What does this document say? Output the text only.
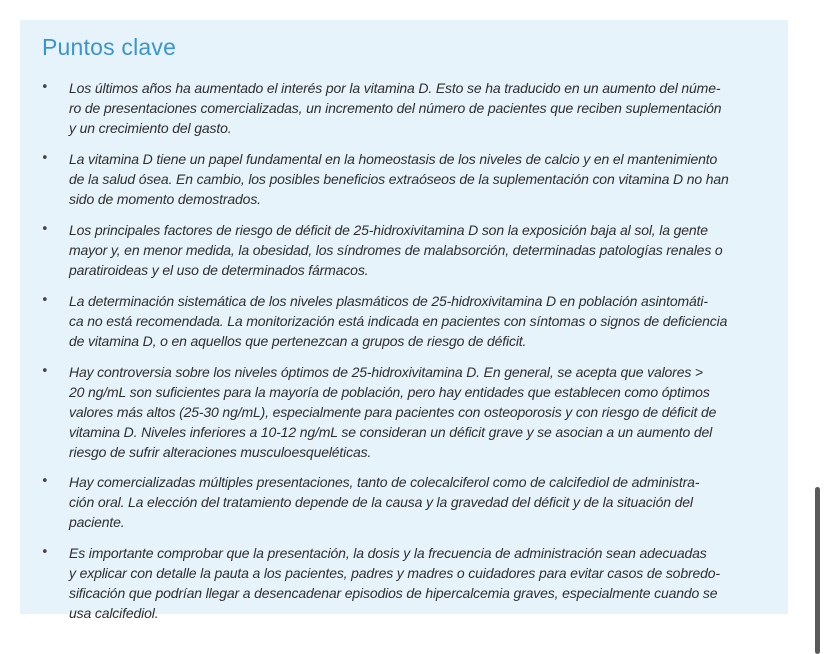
Puntos clave
• Los últimos años ha aumentado el interés por la vitamina D. Esto se ha traducido en un aumento del núme-
ro de presentaciones comercializadas, un incremento del número de pacientes que reciben suplementación
y un crecimiento del gasto.
• La vitamina D tiene un papel fundamental en la homeostasis de los niveles de calcio y en el mantenimiento
de la salud ósea. En cambio, los posibles beneficios extraóseos de la suplementación con vitamina D no han
sido de momento demostrados.
• Los principales factores de riesgo de déficit de 25-hidroxivitamina D son la exposición baja al sol, la gente
mayor y, en menor medida, la obesidad, los síndromes de malabsorción, determinadas patologías renales o
paratiroideas y el uso de determinados fármacos.
• La determinación sistemática de los niveles plasmáticos de 25-hidroxivitamina D en población asintomáti-
ca no está recomendada. La monitorización está indicada en pacientes con síntomas o signos de deficiencia
de vitamina D, o en aquellos que pertenezcan a grupos de riesgo de déficit.
• Hay controversia sobre los niveles óptimos de 25-hidroxivitamina D. En general, se acepta que valores >
20 ng/mL son suficientes para la mayoría de población, pero hay entidades que establecen como óptimos
valores más altos (25-30 ng/mL), especialmente para pacientes con osteoporosis y con riesgo de déficit de
vitamina D. Niveles inferiores a 10-12 ng/mL se consideran un déficit grave y se asocian a un aumento del
riesgo de sufrir alteraciones musculoesqueléticas.
• Hay comercializadas múltiples presentaciones, tanto de colecalciferol como de calcifediol de administra-
ción oral. La elección del tratamiento depende de la causa y la gravedad del déficit y de la situación del
paciente.
• Es importante comprobar que la presentación, la dosis y la frecuencia de administración sean adecuadas
y explicar con detalle la pauta a los pacientes, padres y madres o cuidadores para evitar casos de sobredo-
sificación que podrían llegar a desencadenar episodios de hipercalcemia graves, especialmente cuando se
usa calcifediol.
